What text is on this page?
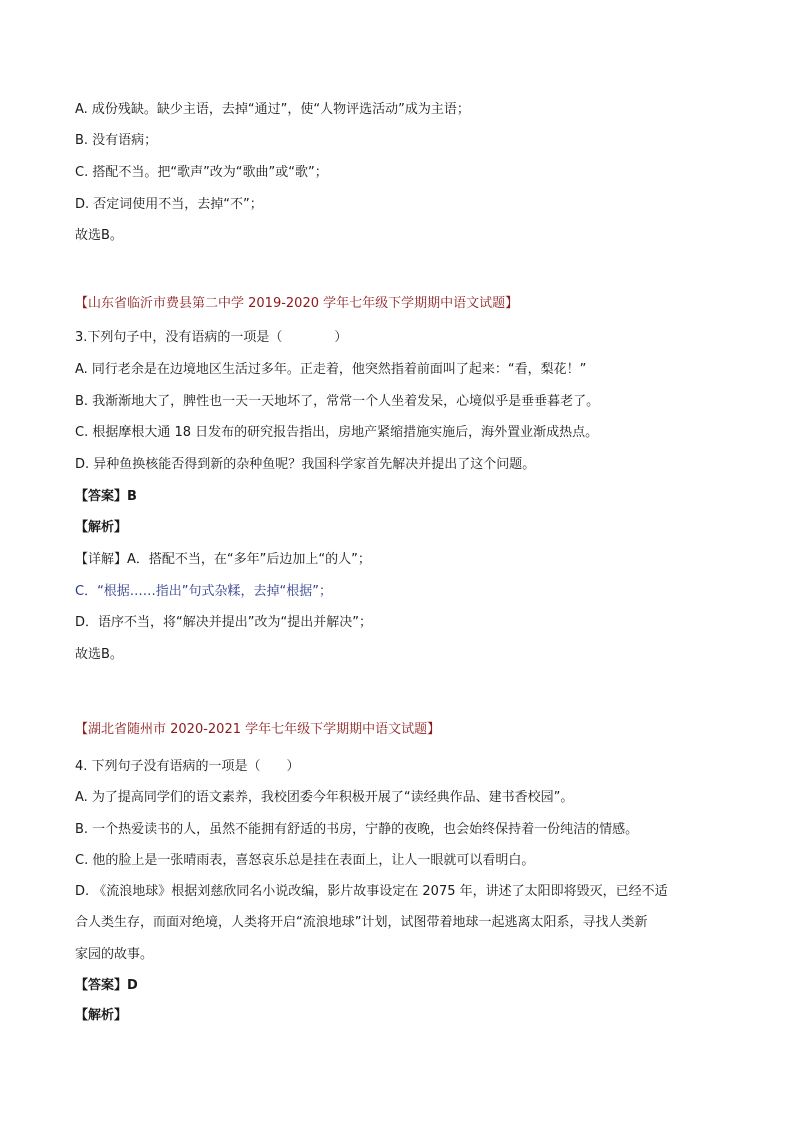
A. 成份残缺。缺少主语，去掉“通过”，使“人物评选活动”成为主语；
B. 没有语病；
C. 搭配不当。把“歌声”改为“歌曲”或“歌”；
D. 否定词使用不当，去掉“不”；
故选B。
【山东省临沂市费县第二中学 2019-2020 学年七年级下学期期中语文试题】
3.下列句子中，没有语病的一项是（　　　　）
A. 同行老余是在边境地区生活过多年。正走着，他突然指着前面叫了起来：“看，梨花！”
B. 我渐渐地大了，脾性也一天一天地坏了，常常一个人坐着发呆，心境似乎是垂垂暮老了。
C. 根据摩根大通 18 日发布的研究报告指出，房地产紧缩措施实施后，海外置业渐成热点。
D. 异种鱼换核能否得到新的杂种鱼呢？我国科学家首先解决并提出了这个问题。
【答案】B
【解析】
【详解】A．搭配不当，在“多年”后边加上“的人”；
C．“根据……指出”句式杂糅，去掉“根据”；
D．语序不当，将“解决并提出”改为“提出并解决”；
故选B。
【湖北省随州市 2020-2021 学年七年级下学期期中语文试题】
4. 下列句子没有语病的一项是（　　）
A. 为了提高同学们的语文素养，我校团委今年积极开展了“读经典作品、建书香校园”。
B. 一个热爱读书的人，虽然不能拥有舒适的书房，宁静的夜晚，也会始终保持着一份纯洁的情感。
C. 他的脸上是一张晴雨表，喜怒哀乐总是挂在表面上，让人一眼就可以看明白。
D. 《流浪地球》根据刘慈欣同名小说改编，影片故事设定在 2075 年，讲述了太阳即将毁灭，已经不适
合人类生存，而面对绝境，人类将开启“流浪地球”计划，试图带着地球一起逃离太阳系，寻找人类新
家园的故事。
【答案】D
【解析】
